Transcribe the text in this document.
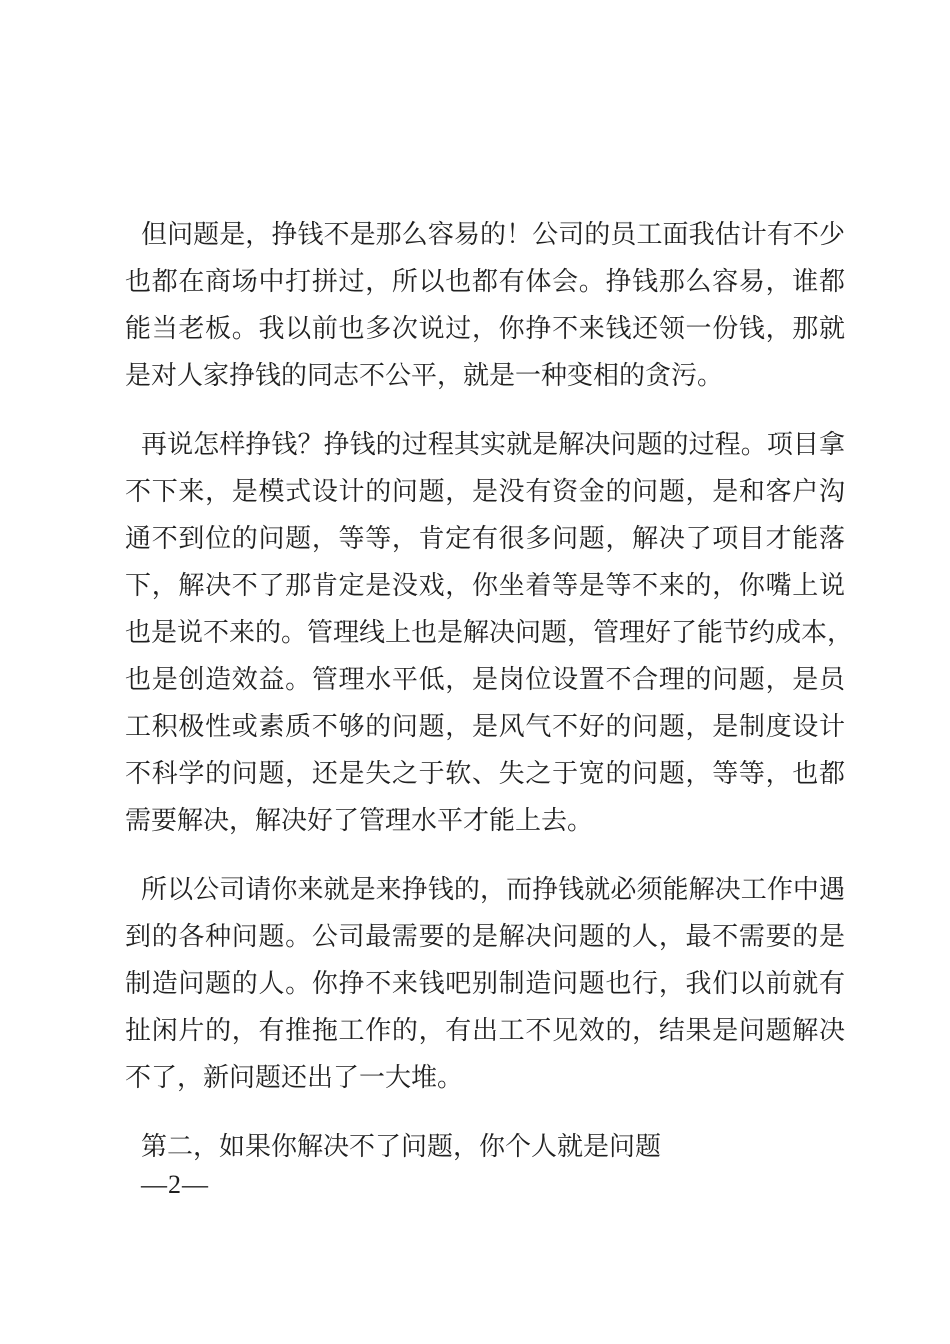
但问题是，挣钱不是那么容易的！公司的员工面我估计有不少
也都在商场中打拼过，所以也都有体会。挣钱那么容易，谁都
能当老板。我以前也多次说过，你挣不来钱还领一份钱，那就
是对人家挣钱的同志不公平，就是一种变相的贪污。
再说怎样挣钱？挣钱的过程其实就是解决问题的过程。项目拿
不下来，是模式设计的问题，是没有资金的问题，是和客户沟
通不到位的问题，等等，肯定有很多问题，解决了项目才能落
下，解决不了那肯定是没戏，你坐着等是等不来的，你嘴上说
也是说不来的。管理线上也是解决问题，管理好了能节约成本，
也是创造效益。管理水平低，是岗位设置不合理的问题，是员
工积极性或素质不够的问题，是风气不好的问题，是制度设计
不科学的问题，还是失之于软、失之于宽的问题，等等，也都
需要解决，解决好了管理水平才能上去。
所以公司请你来就是来挣钱的，而挣钱就必须能解决工作中遇
到的各种问题。公司最需要的是解决问题的人，最不需要的是
制造问题的人。你挣不来钱吧别制造问题也行，我们以前就有
扯闲片的，有推拖工作的，有出工不见效的，结果是问题解决
不了，新问题还出了一大堆。
第二，如果你解决不了问题，你个人就是问题
—2—
